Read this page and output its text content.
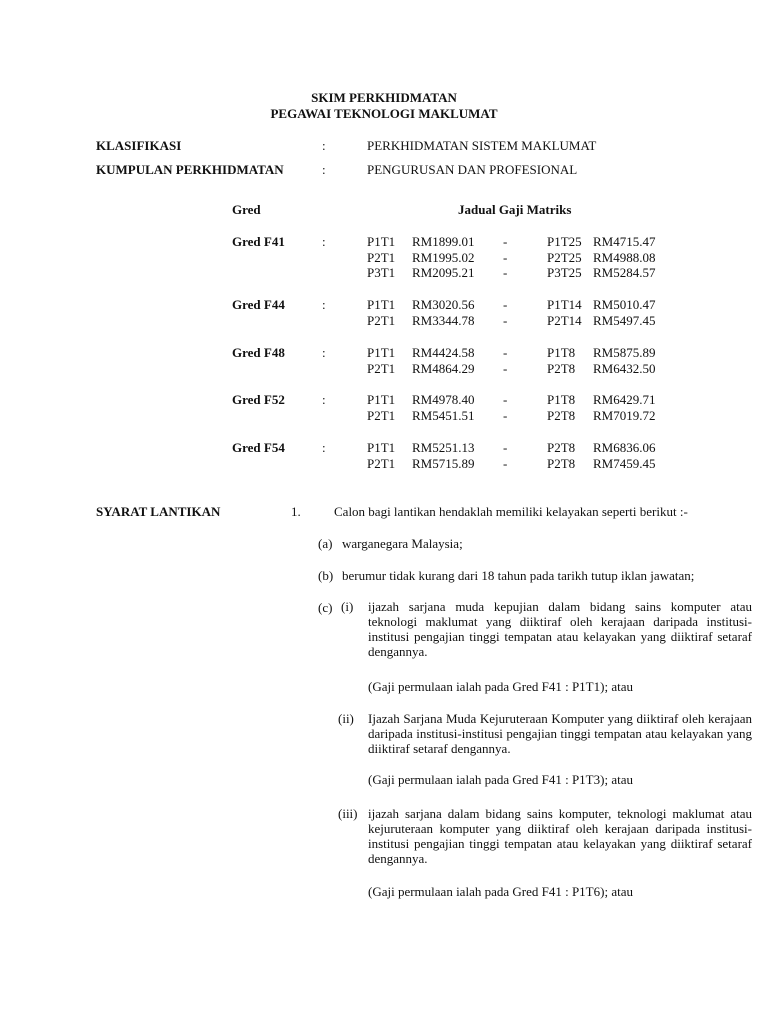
SKIM PERKHIDMATAN
PEGAWAI TEKNOLOGI MAKLUMAT
KLASIFIKASI	:	PERKHIDMATAN SISTEM MAKLUMAT
KUMPULAN PERKHIDMATAN	:	PENGURUSAN DAN PROFESIONAL
Gred	Jadual Gaji Matriks
Gred F41	:	P1T1 RM1899.01 -	P1T25 RM4715.47
P2T1 RM1995.02 -	P2T25 RM4988.08
P3T1 RM2095.21 -	P3T25 RM5284.57
Gred F44	:	P1T1 RM3020.56 -	P1T14 RM5010.47
P2T1 RM3344.78 -	P2T14 RM5497.45
Gred F48	:	P1T1 RM4424.58 -	P1T8 RM5875.89
P2T1 RM4864.29 -	P2T8 RM6432.50
Gred F52	:	P1T1 RM4978.40 -	P1T8 RM6429.71
P2T1 RM5451.51 -	P2T8 RM7019.72
Gred F54	:	P1T1 RM5251.13 -	P2T8 RM6836.06
P2T1 RM5715.89 -	P2T8 RM7459.45
SYARAT LANTIKAN	1.	Calon bagi lantikan hendaklah memiliki kelayakan seperti berikut :-
(a) warganegara Malaysia;
(b) berumur tidak kurang dari 18 tahun pada tarikh tutup iklan jawatan;
(c) (i) ijazah sarjana muda kepujian dalam bidang sains komputer atau teknologi maklumat yang diiktiraf oleh kerajaan daripada institusi-institusi pengajian tinggi tempatan atau kelayakan yang diiktiraf setaraf dengannya.
(Gaji permulaan ialah pada Gred F41 : P1T1); atau
(ii) Ijazah Sarjana Muda Kejuruteraan Komputer yang diiktiraf oleh kerajaan daripada institusi-institusi pengajian tinggi tempatan atau kelayakan yang diiktiraf setaraf dengannya.
(Gaji permulaan ialah pada Gred F41 : P1T3); atau
(iii) ijazah sarjana dalam bidang sains komputer, teknologi maklumat atau kejuruteraan komputer yang diiktiraf oleh kerajaan daripada institusi-institusi pengajian tinggi tempatan atau kelayakan yang diiktiraf setaraf dengannya.
(Gaji permulaan ialah pada Gred F41 : P1T6); atau
